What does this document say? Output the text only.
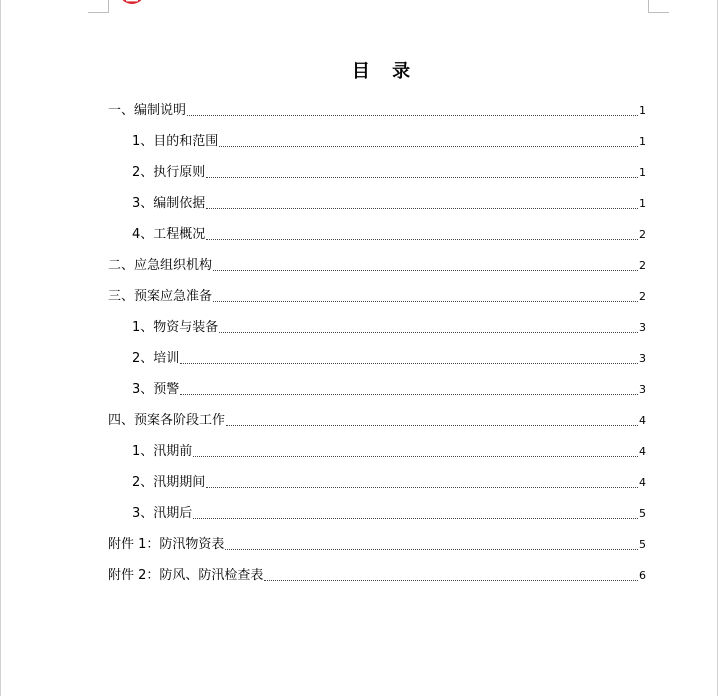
目 录
一、编制说明	1
1、目的和范围	1
2、执行原则	1
3、编制依据	1
4、工程概况	2
二、应急组织机构	2
三、预案应急准备	2
1、物资与装备	3
2、培训	3
3、预警	3
四、预案各阶段工作	4
1、汛期前	4
2、汛期期间	4
3、汛期后	5
附件 1：防汛物资表	5
附件 2：防风、防汛检查表	6
